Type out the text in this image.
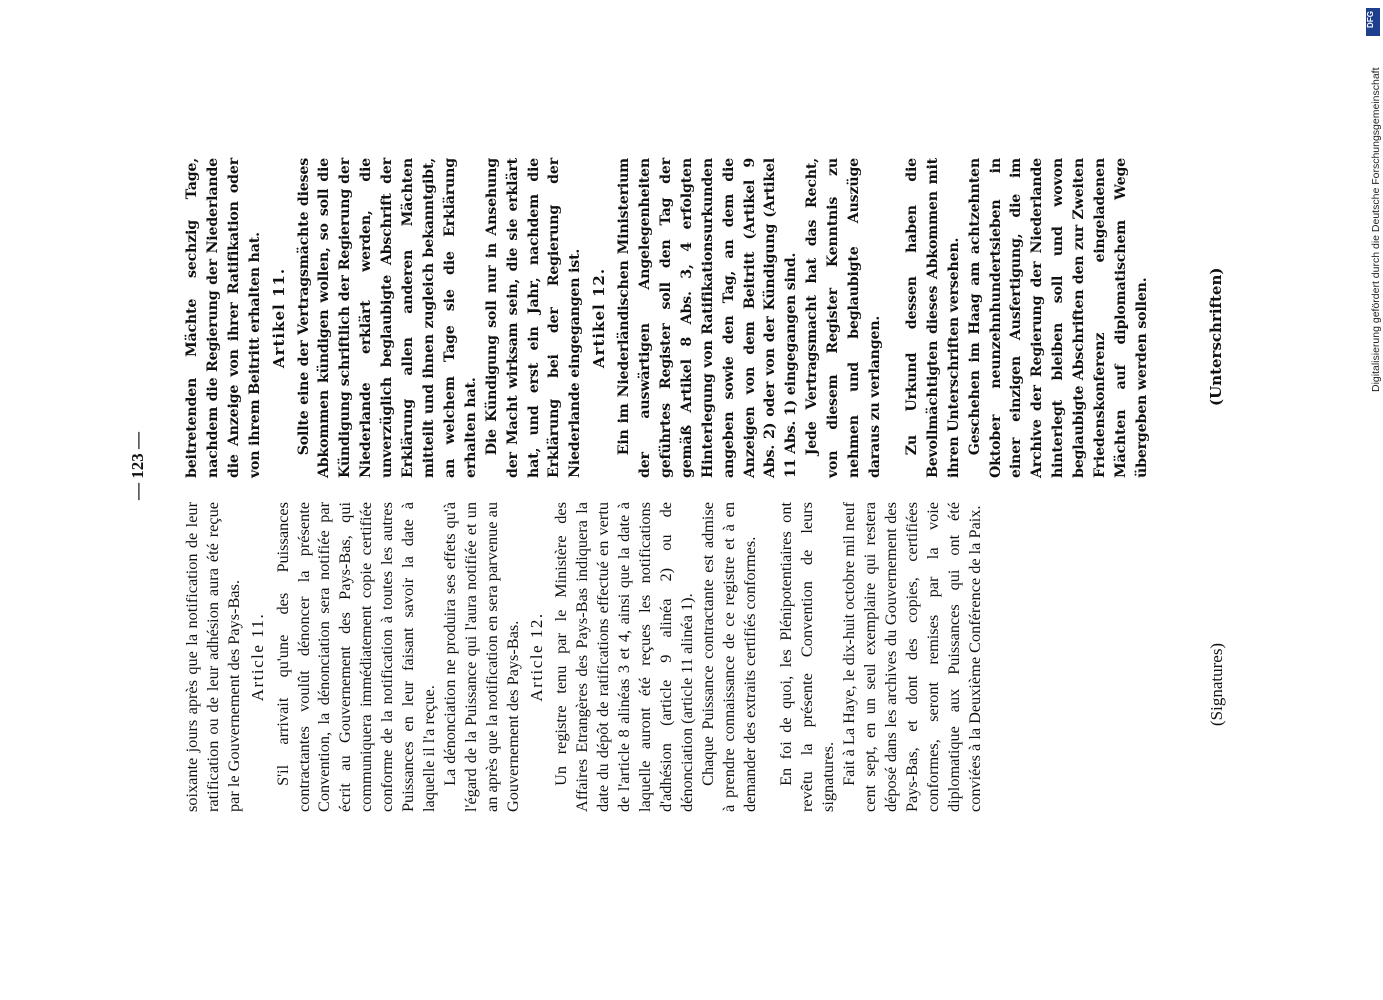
— 123 —

soixante jours après que la notification de leur ratification ou de leur adhésion aura été reçue par le Gouvernement des Pays-Bas. Article 11. S'il arrivait qu'une des Puissances contractantes voulût dénoncer la présente Convention, la dénonciation sera notifiée par écrit au Gouvernement des Pays-Bas, qui communiquera immédiatement copie certifiée conforme de la notification à toutes les autres Puissances en leur faisant savoir la date à laquelle il l'a reçue. La dénonciation ne produira ses effets qu'à l'égard de la Puissance qui l'aura notifiée et un an après que la notification en sera parvenue au Gouvernement des Pays-Bas. Article 12. Un registre tenu par le Ministère des Affaires Etrangères des Pays-Bas indiquera la date du dépôt de ratifications effectué en vertu de l'article 8 alinéas 3 et 4, ainsi que la date à laquelle auront été reçues les notifications d'adhésion (article 9 alinéa 2) ou de dénonciation (article 11 alinéa 1). Chaque Puissance contractante est admise à prendre connaissance de ce registre et à en demander des extraits certifiés conformes. En foi de quoi, les Plénipotentiaires ont revêtu la présente Convention de leurs signatures. Fait à La Haye, le dix-huit octobre mil neuf cent sept, en un seul exemplaire qui restera déposé dans les archives du Gouvernement des Pays-Bas, et dont des copies, certifiées conformes, seront remises par la voie diplomatique aux Puissances qui ont été conviées à la Deuxième Conférence de la Paix.

beitretenden Mächte sechzig Tage, nachdem die Regierung der Niederlande die Anzeige von ihrer Ratifikation oder von ihrem Beitritt erhalten hat. Artikel 11. Sollte eine der Vertragsmächte dieses Abkommen kündigen wollen, so soll die Kündigung schriftlich der Regierung der Niederlande erklärt werden, die unverzüglich beglaubigte Abschrift der Erklärung allen anderen Mächten mitteilt und ihnen zugleich bekanntgibt, an welchem Tage sie die Erklärung erhalten hat. Die Kündigung soll nur in Ansehung der Macht wirksam sein, die sie erklärt hat, und erst ein Jahr, nachdem die Erklärung bei der Regierung der Niederlande eingegangen ist. Artikel 12. Ein im Niederländischen Ministerium der auswärtigen Angelegenheiten geführtes Register soll den Tag der gemäß Artikel 8 Abs. 3, 4 erfolgten Hinterlegung von Ratifikationsurkunden angeben sowie den Tag, an dem die Anzeigen von dem Beitritt (Artikel 9 Abs. 2) oder von der Kündigung (Artikel 11 Abs. 1) eingegangen sind. Jede Vertragsmacht hat das Recht, von diesem Register Kenntnis zu nehmen und beglaubigte Auszüge daraus zu verlangen. Zu Urkund dessen haben die Bevollmächtigten dieses Abkommen mit ihren Unterschriften versehen. Geschehen im Haag am achtzehnten Oktober neunzehnhundertsieben in einer einzigen Ausfertigung, die im Archive der Regierung der Niederlande hinterlegt bleiben soll und wovon beglaubigte Abschriften den zur Zweiten Friedenskonferenz eingeladenen Mächten auf diplomatischem Wege übergeben werden sollen.

(Signatures)
(Unterschriften)	Digitalisierung gefördert durch die Deutsche Forschungsgemeinschaft
DFG
